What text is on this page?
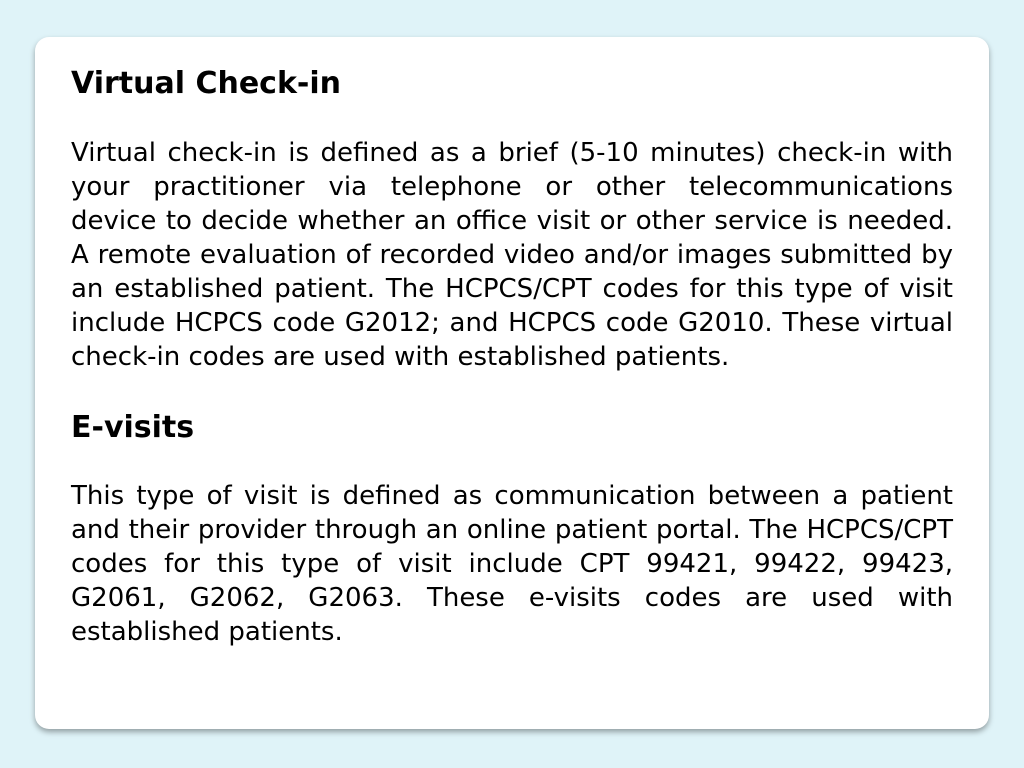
Virtual Check-in

Virtual check-in is defined as a brief (5-10 minutes) check-in with your practitioner via telephone or other telecommunications device to decide whether an office visit or other service is needed. A remote evaluation of recorded video and/or images submitted by an established patient. The HCPCS/CPT codes for this type of visit include HCPCS code G2012; and HCPCS code G2010. These virtual check-in codes are used with established patients.

E-visits

This type of visit is defined as communication between a patient and their provider through an online patient portal. The HCPCS/CPT codes for this type of visit include CPT 99421, 99422, 99423, G2061, G2062, G2063. These e-visits codes are used with established patients.
